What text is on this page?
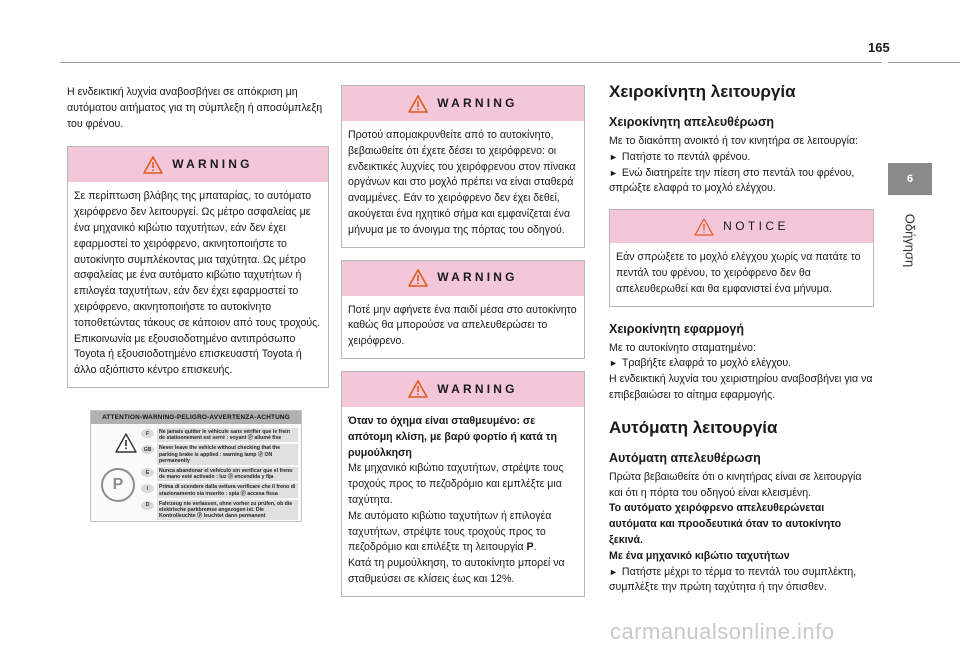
165
6
Οδήγηση
Η ενδεικτική λυχνία αναβοσβήνει σε απόκριση μη αυτόματου αιτήματος για τη σύμπλεξη ή αποσύμπλεξη του φρένου.
WARNING
Σε περίπτωση βλάβης της μπαταρίας, το αυτόματο χειρόφρενο δεν λειτουργεί. Ως μέτρο ασφαλείας με ένα μηχανικό κιβώτιο ταχυτήτων, εάν δεν έχει εφαρμοστεί το χειρόφρενο, ακινητοποιήστε το αυτοκίνητο συμπλέκοντας μια ταχύτητα. Ως μέτρο ασφαλείας με ένα αυτόματο κιβώτιο ταχυτήτων ή επιλογέα ταχυτήτων, εάν δεν έχει εφαρμοστεί το χειρόφρενο, ακινητοποιήστε το αυτοκίνητο τοποθετώντας τάκους σε κάποιον από τους τροχούς. Επικοινωνία με εξουσιοδοτημένο αντιπρόσωπο Toyota ή εξουσιοδοτημένο επισκευαστή Toyota ή άλλο αξιόπιστο κέντρο επισκευής.
ATTENTION-WARNING-PELIGRO-AVVERTENZA-ACHTUNG
P
F	Ne jamais quitter le véhicule sans vérifier que le frein de stationnement est serré : voyant ⓟ allumé fixe
GB	Never leave the vehicle without checking that the parking brake is applied : warning lamp ⓟ ON permanently
E	Nunca abandonar el vehículo sin verificar que el freno de mano esté activado : luz ⓟ encendida y fija
I	Prima di scendere dalla vettura verificare che il freno di stazionamento sia inserito : spia ⓟ accesa fissa
D	Fahrzeug nie verlassen, ohne vorher zu prüfen, ob die elektrische parkbremse angezogen ist. Die Kontrolleuchte ⓟ leuchtet dann permanent
WARNING
Προτού απομακρυνθείτε από το αυτοκίνητο, βεβαιωθείτε ότι έχετε δέσει το χειρόφρενο: οι ενδεικτικές λυχνίες του χειρόφρενου στον πίνακα οργάνων και στο μοχλό πρέπει να είναι σταθερά αναμμένες. Εάν το χειρόφρενο δεν έχει δεθεί, ακούγεται ένα ηχητικό σήμα και εμφανίζεται ένα μήνυμα με το άνοιγμα της πόρτας του οδηγού.
WARNING
Ποτέ μην αφήνετε ένα παιδί μέσα στο αυτοκίνητο καθώς θα μπορούσε να απελευθερώσει το χειρόφρενο.
WARNING
Όταν το όχημα είναι σταθμευμένο: σε απότομη κλίση, με βαρύ φορτίο ή κατά τη ρυμούλκηση
Με μηχανικό κιβώτιο ταχυτήτων, στρέψτε τους τροχούς προς το πεζοδρόμιο και εμπλέξτε μια ταχύτητα.
Με αυτόματο κιβώτιο ταχυτήτων ή επιλογέα ταχυτήτων, στρέψτε τους τροχούς προς το πεζοδρόμιο και επιλέξτε τη λειτουργία P.
Κατά τη ρυμούλκηση, το αυτοκίνητο μπορεί να σταθμεύσει σε κλίσεις έως και 12%.
Χειροκίνητη λειτουργία
Χειροκίνητη απελευθέρωση
Με το διακόπτη ανοικτό ή τον κινητήρα σε λειτουργία:
► Πατήστε το πεντάλ φρένου.
► Ενώ διατηρείτε την πίεση στο πεντάλ του φρένου, σπρώξτε ελαφρά το μοχλό ελέγχου.
NOTICE
Εάν σπρώξετε το μοχλό ελέγχου χωρίς να πατάτε το πεντάλ του φρένου, το χειρόφρενο δεν θα απελευθερωθεί και θα εμφανιστεί ένα μήνυμα.
Χειροκίνητη εφαρμογή
Με το αυτοκίνητο σταματημένο:
► Τραβήξτε ελαφρά το μοχλό ελέγχου.
Η ενδεικτική λυχνία του χειριστηρίου αναβοσβήνει για να επιβεβαιώσει το αίτημα εφαρμογής.
Αυτόματη λειτουργία
Αυτόματη απελευθέρωση
Πρώτα βεβαιωθείτε ότι ο κινητήρας είναι σε λειτουργία και ότι η πόρτα του οδηγού είναι κλεισμένη.
Το αυτόματο χειρόφρενο απελευθερώνεται αυτόματα και προοδευτικά όταν το αυτοκίνητο ξεκινά.
Με ένα μηχανικό κιβώτιο ταχυτήτων
► Πατήστε μέχρι το τέρμα το πεντάλ του συμπλέκτη, συμπλέξτε την πρώτη ταχύτητα ή την όπισθεν.
carmanualsonline.info
